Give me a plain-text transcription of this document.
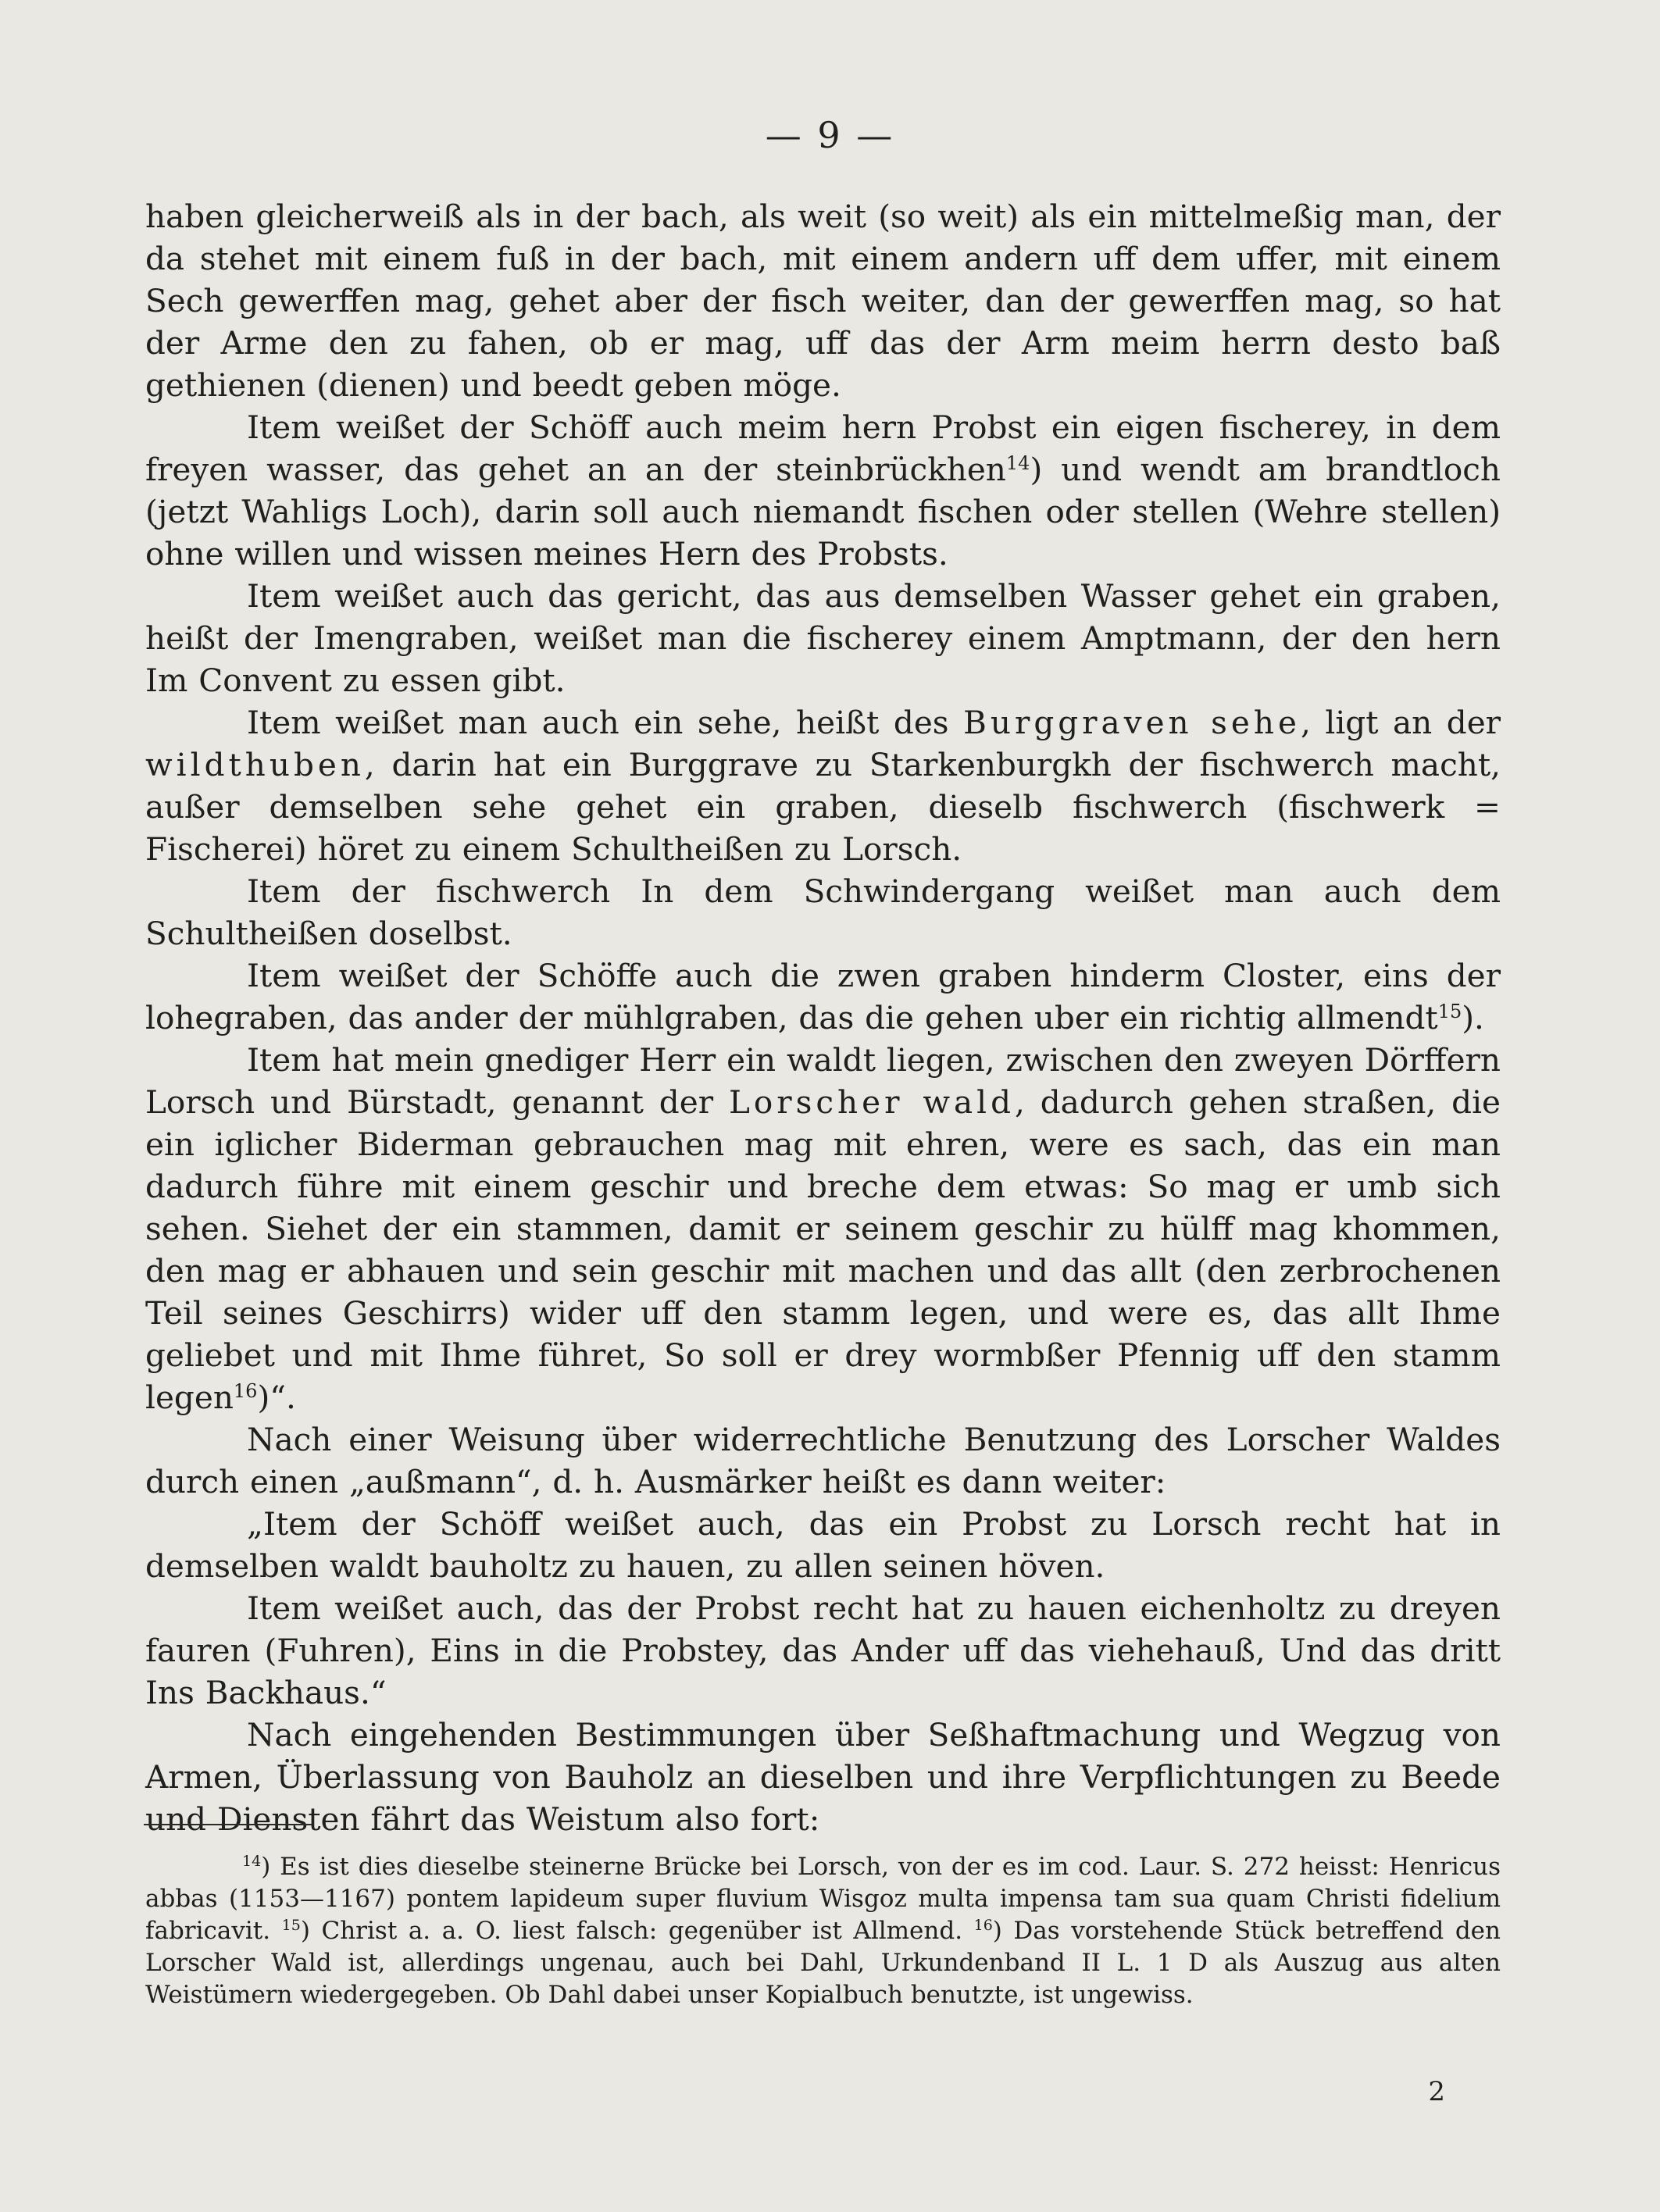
— 9 —

haben gleicherweiß als in der bach, als weit (so weit) als ein mittelmeßig man, der da stehet mit einem fuß in der bach, mit einem andern uff dem uffer, mit einem Sech gewerffen mag, gehet aber der fisch weiter, dan der gewerffen mag, so hat der Arme den zu fahen, ob er mag, uff das der Arm meim herrn desto baß gethienen (dienen) und beedt geben möge.

Item weißet der Schöff auch meim hern Probst ein eigen fischerey, in dem freyen wasser, das gehet an an der steinbrückhen$^{14}$) und wendt am brandtloch (jetzt Wahligs Loch), darin soll auch niemandt fischen oder stellen (Wehre stellen) ohne willen und wissen meines Hern des Probsts.

Item weißet auch das gericht, das aus demselben Wasser gehet ein graben, heißt der Imengraben, weißet man die fischerey einem Amptmann, der den hern Im Convent zu essen gibt.

Item weißet man auch ein sehe, heißt des Burggraven sehe, ligt an der wildthuben, darin hat ein Burggrave zu Starkenburgkh der fischwerch macht, außer demselben sehe gehet ein graben, dieselb fischwerch (fischwerk = Fischerei) höret zu einem Schultheißen zu Lorsch.

Item der fischwerch In dem Schwindergang weißet man auch dem Schultheißen doselbst.

Item weißet der Schöffe auch die zwen graben hinderm Closter, eins der lohegraben, das ander der mühlgraben, das die gehen uber ein richtig allmendt$^{15}$).

Item hat mein gnediger Herr ein waldt liegen, zwischen den zweyen Dörffern Lorsch und Bürstadt, genannt der Lorscher wald, dadurch gehen straßen, die ein iglicher Biderman gebrauchen mag mit ehren, were es sach, das ein man dadurch führe mit einem geschir und breche dem etwas: So mag er umb sich sehen. Siehet der ein stammen, damit er seinem geschir zu hülff mag khommen, den mag er abhauen und sein geschir mit machen und das allt (den zerbrochenen Teil seines Geschirrs) wider uff den stamm legen, und were es, das allt Ihme geliebet und mit Ihme führet, So soll er drey wormbßer Pfennig uff den stamm legen$^{16}$)“.

Nach einer Weisung über widerrechtliche Benutzung des Lorscher Waldes durch einen „außmann“, d. h. Ausmärker heißt es dann weiter:

„Item der Schöff weißet auch, das ein Probst zu Lorsch recht hat in demselben waldt bauholtz zu hauen, zu allen seinen höven.

Item weißet auch, das der Probst recht hat zu hauen eichenholtz zu dreyen fauren (Fuhren), Eins in die Probstey, das Ander uff das viehehauß, Und das dritt Ins Backhaus.“

Nach eingehenden Bestimmungen über Seßhaftmachung und Wegzug von Armen, Überlassung von Bauholz an dieselben und ihre Verpflichtungen zu Beede und Diensten fährt das Weistum also fort:

$^{14}$) Es ist dies dieselbe steinerne Brücke bei Lorsch, von der es im cod. Laur. S. 272 heisst: Henricus abbas (1153—1167) pontem lapideum super fluvium Wisgoz multa impensa tam sua quam Christi fidelium fabricavit. $^{15}$) Christ a. a. O. liest falsch: gegenüber ist Allmend. $^{16}$) Das vorstehende Stück betreffend den Lorscher Wald ist, allerdings ungenau, auch bei Dahl, Urkundenband II L. 1 D als Auszug aus alten Weistümern wiedergegeben. Ob Dahl dabei unser Kopialbuch benutzte, ist ungewiss.

2
